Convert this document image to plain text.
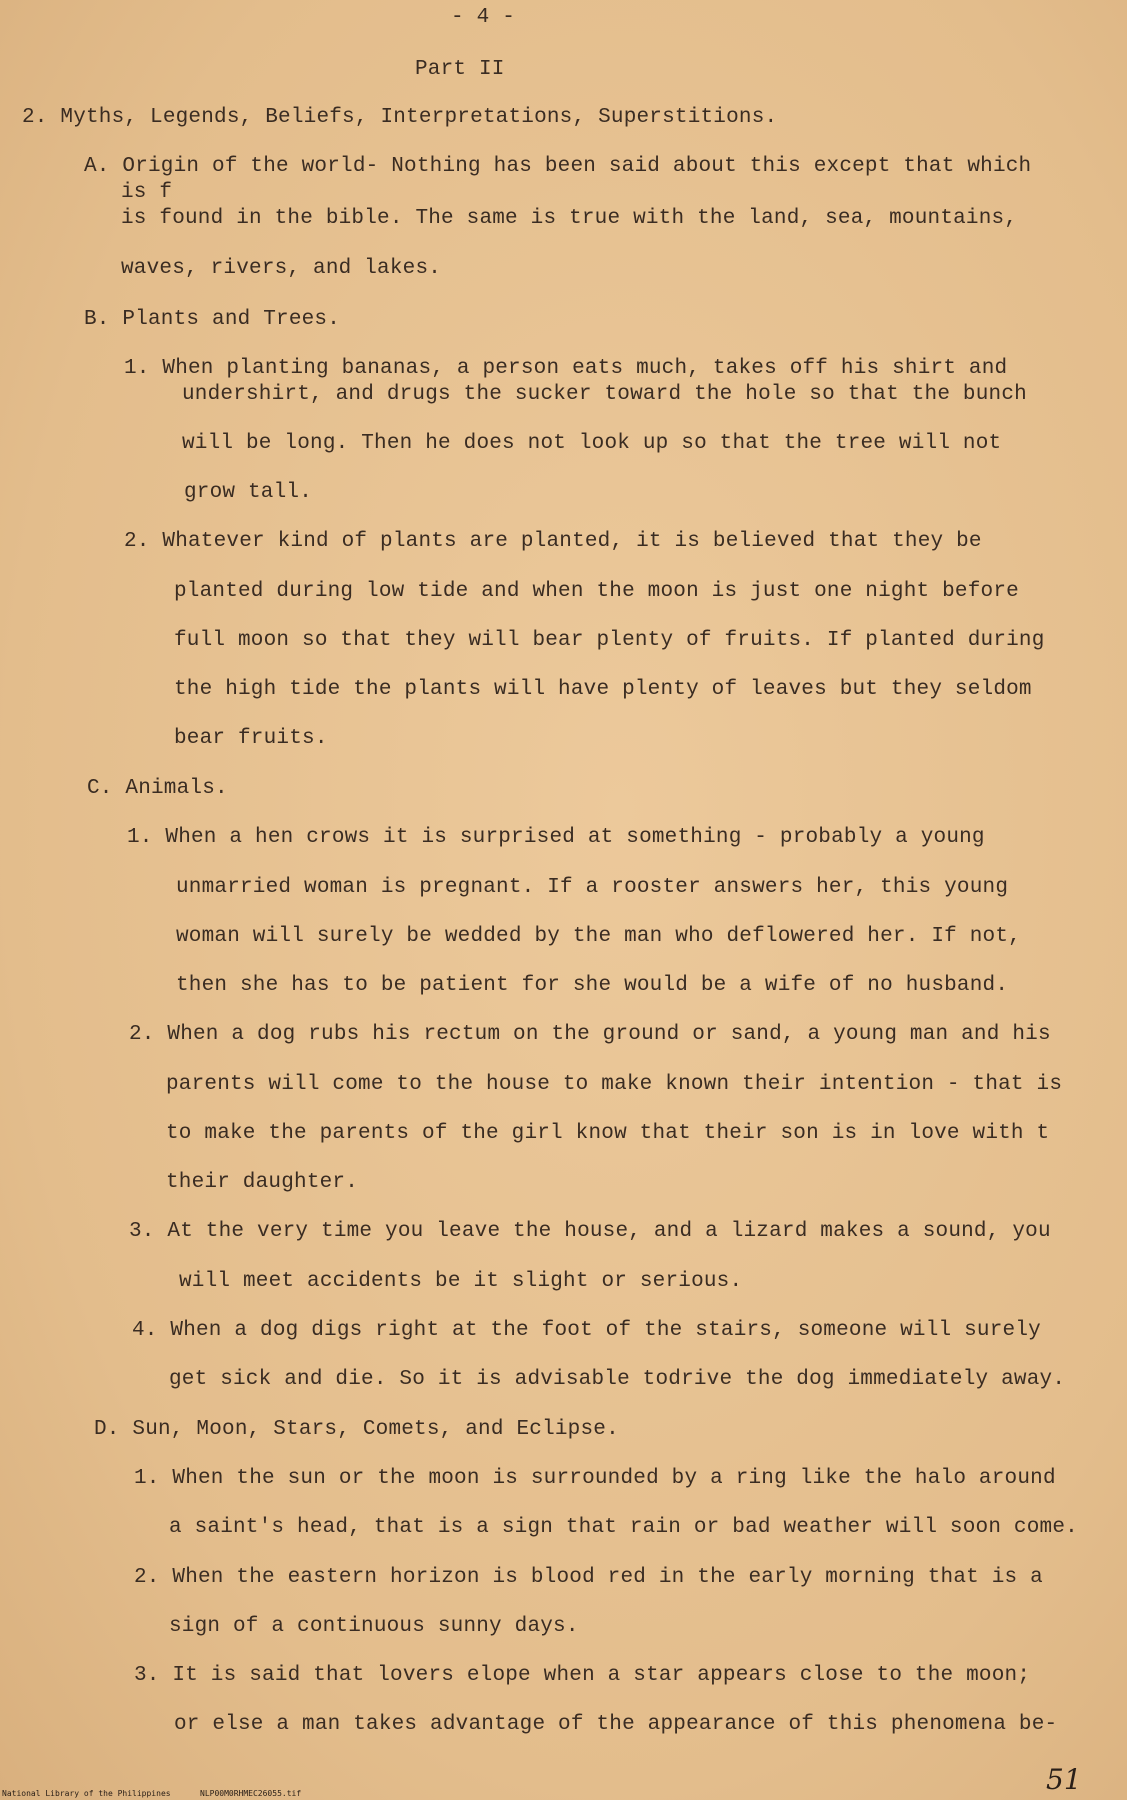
- 4 -
Part II
2. Myths, Legends, Beliefs, Interpretations, Superstitions.
A. Origin of the world- Nothing has been said about this except that which
is f
is found in the bible. The same is true with the land, sea, mountains,
waves, rivers, and lakes.
B. Plants and Trees.
1. When planting bananas, a person eats much, takes off his shirt and
undershirt, and drugs the sucker toward the hole so that the bunch
will be long. Then he does not look up so that the tree will not
grow tall.
2. Whatever kind of plants are planted, it is believed that they be
planted during low tide and when the moon is just one night before
full moon so that they will bear plenty of fruits. If planted during
the high tide the plants will have plenty of leaves but they seldom
bear fruits.
C. Animals.
1. When a hen crows it is surprised at something - probably a young
unmarried woman is pregnant. If a rooster answers her, this young
woman will surely be wedded by the man who deflowered her. If not,
then she has to be patient for she would be a wife of no husband.
2. When a dog rubs his rectum on the ground or sand, a young man and his
parents will come to the house to make known their intention - that is
to make the parents of the girl know that their son is in love with t
their daughter.
3. At the very time you leave the house, and a lizard makes a sound, you
will meet accidents be it slight or serious.
4. When a dog digs right at the foot of the stairs, someone will surely
get sick and die. So it is advisable todrive the dog immediately away.
D. Sun, Moon, Stars, Comets, and Eclipse.
1. When the sun or the moon is surrounded by a ring like the halo around
a saint's head, that is a sign that rain or bad weather will soon come.
2. When the eastern horizon is blood red in the early morning that is a
sign of a continuous sunny days.
3. It is said that lovers elope when a star appears close to the moon;
or else a man takes advantage of the appearance of this phenomena be-
National Library of the Philippines	NLP00M0RHMEC26055.tif	51
